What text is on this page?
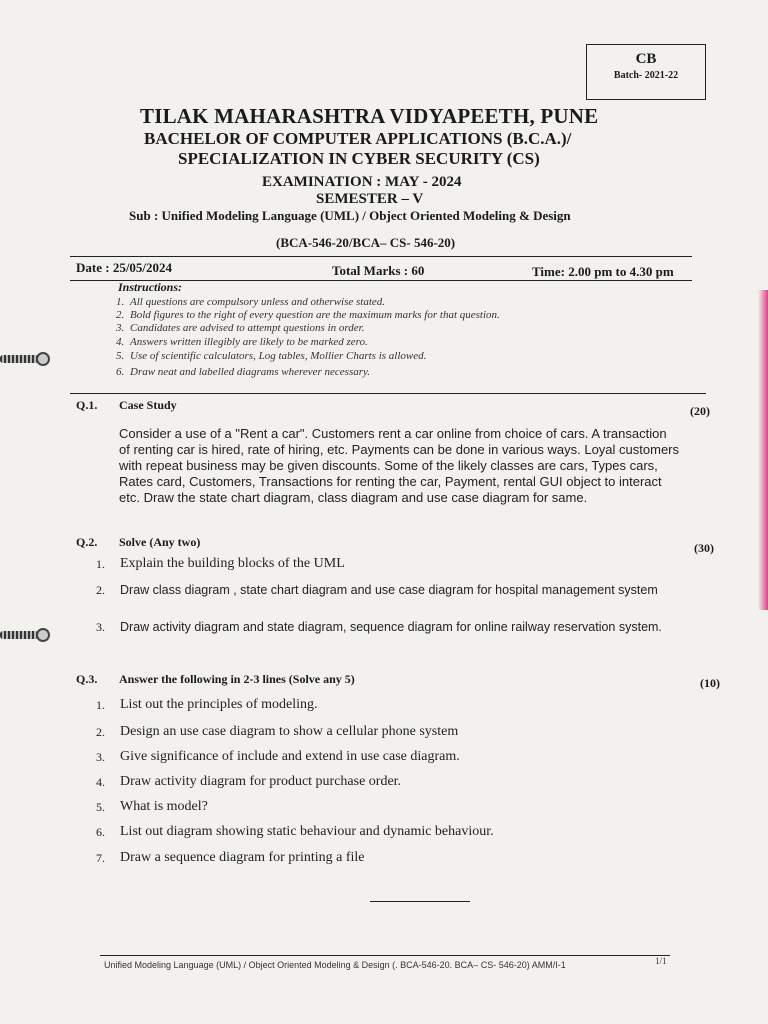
CB
Batch- 2021-22
TILAK MAHARASHTRA VIDYAPEETH, PUNE
BACHELOR OF COMPUTER APPLICATIONS (B.C.A.)/
SPECIALIZATION IN CYBER SECURITY (CS)
EXAMINATION : MAY - 2024
SEMESTER – V
Sub : Unified Modeling Language (UML) / Object Oriented Modeling & Design
(BCA-546-20/BCA– CS- 546-20)
Date : 25/05/2024	Total Marks : 60	Time: 2.00 pm to 4.30 pm
Instructions:
1. All questions are compulsory unless and otherwise stated.
2. Bold figures to the right of every question are the maximum marks for that question.
3. Candidates are advised to attempt questions in order.
4. Answers written illegibly are likely to be marked zero.
5. Use of scientific calculators, Log tables, Mollier Charts is allowed.
6. Draw neat and labelled diagrams wherever necessary.
Q.1. Case Study	(20)
Consider a use of a "Rent a car". Customers rent a car online from choice of cars. A transaction of renting car is hired, rate of hiring, etc. Payments can be done in various ways. Loyal customers with repeat business may be given discounts. Some of the likely classes are cars, Types cars, Rates card, Customers, Transactions for renting the car, Payment, rental GUI object to interact etc. Draw the state chart diagram, class diagram and use case diagram for same.
Q.2. Solve (Any two)	(30)
1. Explain the building blocks of the UML
2. Draw class diagram , state chart diagram and use case diagram for hospital management system
3. Draw activity diagram and state diagram, sequence diagram for online railway reservation system.
Q.3. Answer the following in 2-3 lines (Solve any 5)	(10)
1. List out the principles of modeling.
2. Design an use case diagram to show a cellular phone system
3. Give significance of include and extend in use case diagram.
4. Draw activity diagram for product purchase order.
5. What is model?
6. List out diagram showing static behaviour and dynamic behaviour.
7. Draw a sequence diagram for printing a file
Unified Modeling Language (UML) / Object Oriented Modeling & Design (. BCA-546-20. BCA– CS- 546-20) AMM/I-1	1/1
